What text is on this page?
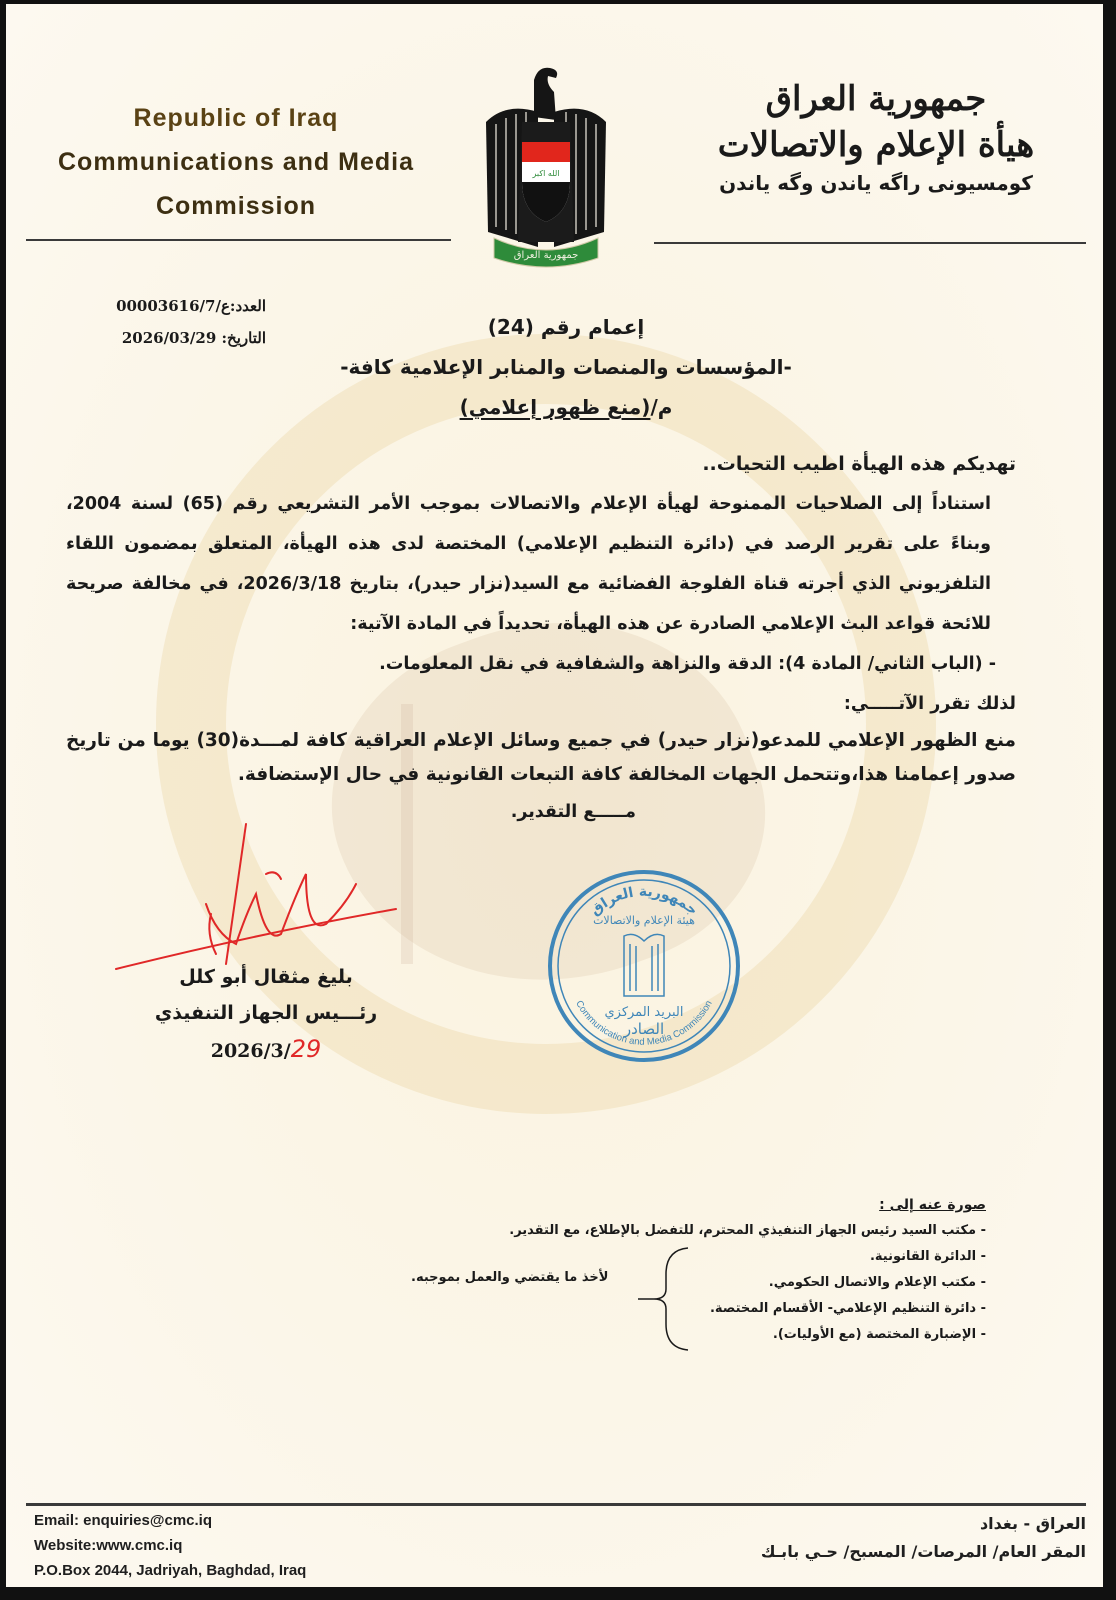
Republic of Iraq
Communications and Media
Commission
الله اكبر
جمهورية العراق
جمهورية العراق
هيأة الإعلام والاتصالات
كومسيونى راگه ياندن وگه ياندن
العدد:00003616/ع/7
التاريخ: 2026/03/29	إعمام رقم (24)
-المؤسسات والمنصات والمنابر الإعلامية كافة-
م/(منع ظهور إعلامي)

تهديكم هذه الهيأة اطيب التحيات..

استناداً إلى الصلاحيات الممنوحة لهيأة الإعلام والاتصالات بموجب الأمر التشريعي رقم (65) لسنة 2004، وبناءً على تقرير الرصد في (دائرة التنظيم الإعلامي) المختصة لدى هذه الهيأة، المتعلق بمضمون اللقاء التلفزيوني الذي أجرته قناة الفلوجة الفضائية مع السيد(نزار حيدر)، بتاريخ 2026/3/18، في مخالفة صريحة للائحة قواعد البث الإعلامي الصادرة عن هذه الهيأة، تحديداً في المادة الآتية:

- (الباب الثاني/ المادة 4): الدقة والنزاهة والشفافية في نقل المعلومات.

لذلك تقرر الآتـــــي:

منع الظهور الإعلامي للمدعو(نزار حيدر) في جميع وسائل الإعلام العراقية كافة لمـــدة(30) يوما من تاريخ صدور إعمامنا هذا،وتتحمل الجهات المخالفة كافة التبعات القانونية في حال الإستضافة.

مـــــع التقدير.

بليغ مثقال أبو كلل
رئـــيس الجهاز التنفيذي
2026/3/29
جمهورية العراق
هيئة الإعلام والاتصالات
البريد المركزي
الصادر
Communication and Media Commission
صورة عنه إلى :
- مكتب السيد رئيس الجهاز التنفيذي المحترم، للتفضل بالإطلاع، مع التقدير.
- الدائرة القانونية.
- مكتب الإعلام والاتصال الحكومي.
- دائرة التنظيم الإعلامي- الأقسام المختصة.
- الإضبارة المختصة (مع الأوليات).
لأخذ ما يقتضي والعمل بموجبه.
Email: enquiries@cmc.iq
Website:www.cmc.iq
P.O.Box 2044, Jadriyah, Baghdad, Iraq
العراق - بغداد
المقر العام/ المرصات/ المسبح/ حـي بابـك
